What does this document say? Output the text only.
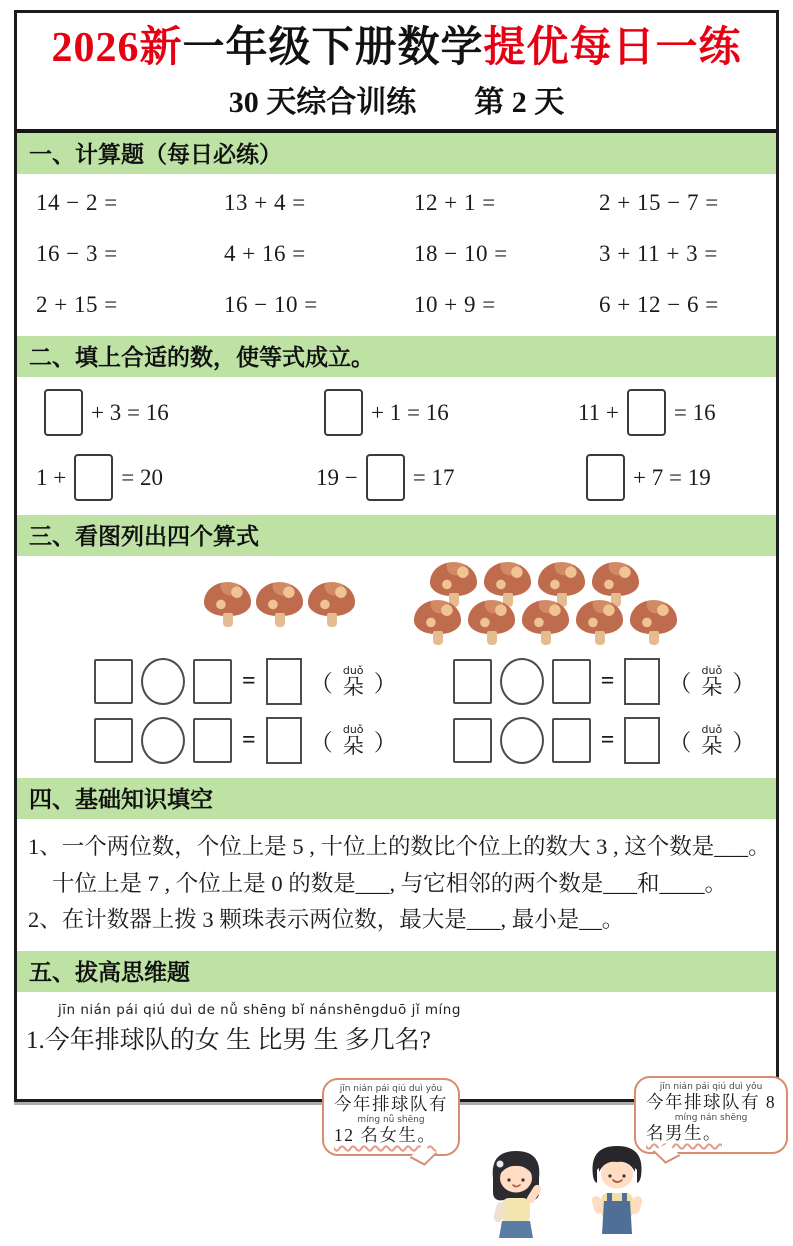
2026新一年级下册数学提优每日一练
30 天综合训练 第 2 天
一、计算题（每日必练）
14 − 2 =	13 + 4 =	12 + 1 =	2 + 15 − 7 =
16 − 3 =	4 + 16 =	18 − 10 =	3 + 11 + 3 =
2 + 15 =	16 − 10 =	10 + 9 =	6 + 12 − 6 =
二、填上合适的数，使等式成立。
+ 3 = 16	+ 1 = 16	11 + = 16
1 + = 20	19 − = 17	+ 7 = 19
三、看图列出四个算式
= （
duǒ
朵 ）	= （
duǒ
朵 ）
= （
duǒ
朵 ）	= （
duǒ
朵 ）
四、基础知识填空

1、一个两位数，个位上是 5 , 十位上的数比个位上的数大 3 , 这个数是___。

十位上是 7 , 个位上是 0 的数是___, 与它相邻的两个数是___和____。

2、在计数器上拨 3 颗珠表示两位数，最大是___, 最小是__。

五、拔高思维题
jīn nián pái qiú duì de nǚ shēng bǐ nánshēngduō jǐ míng
1.今年排球队的女 生 比男 生 多几名?
jīn nián pái qiú duì yǒu
今年排球队有
míng nǚ shēng
12 名女生。
jīn nián pái qiú duì yǒu
今年排球队有 8
míng nán shēng
名男生。
